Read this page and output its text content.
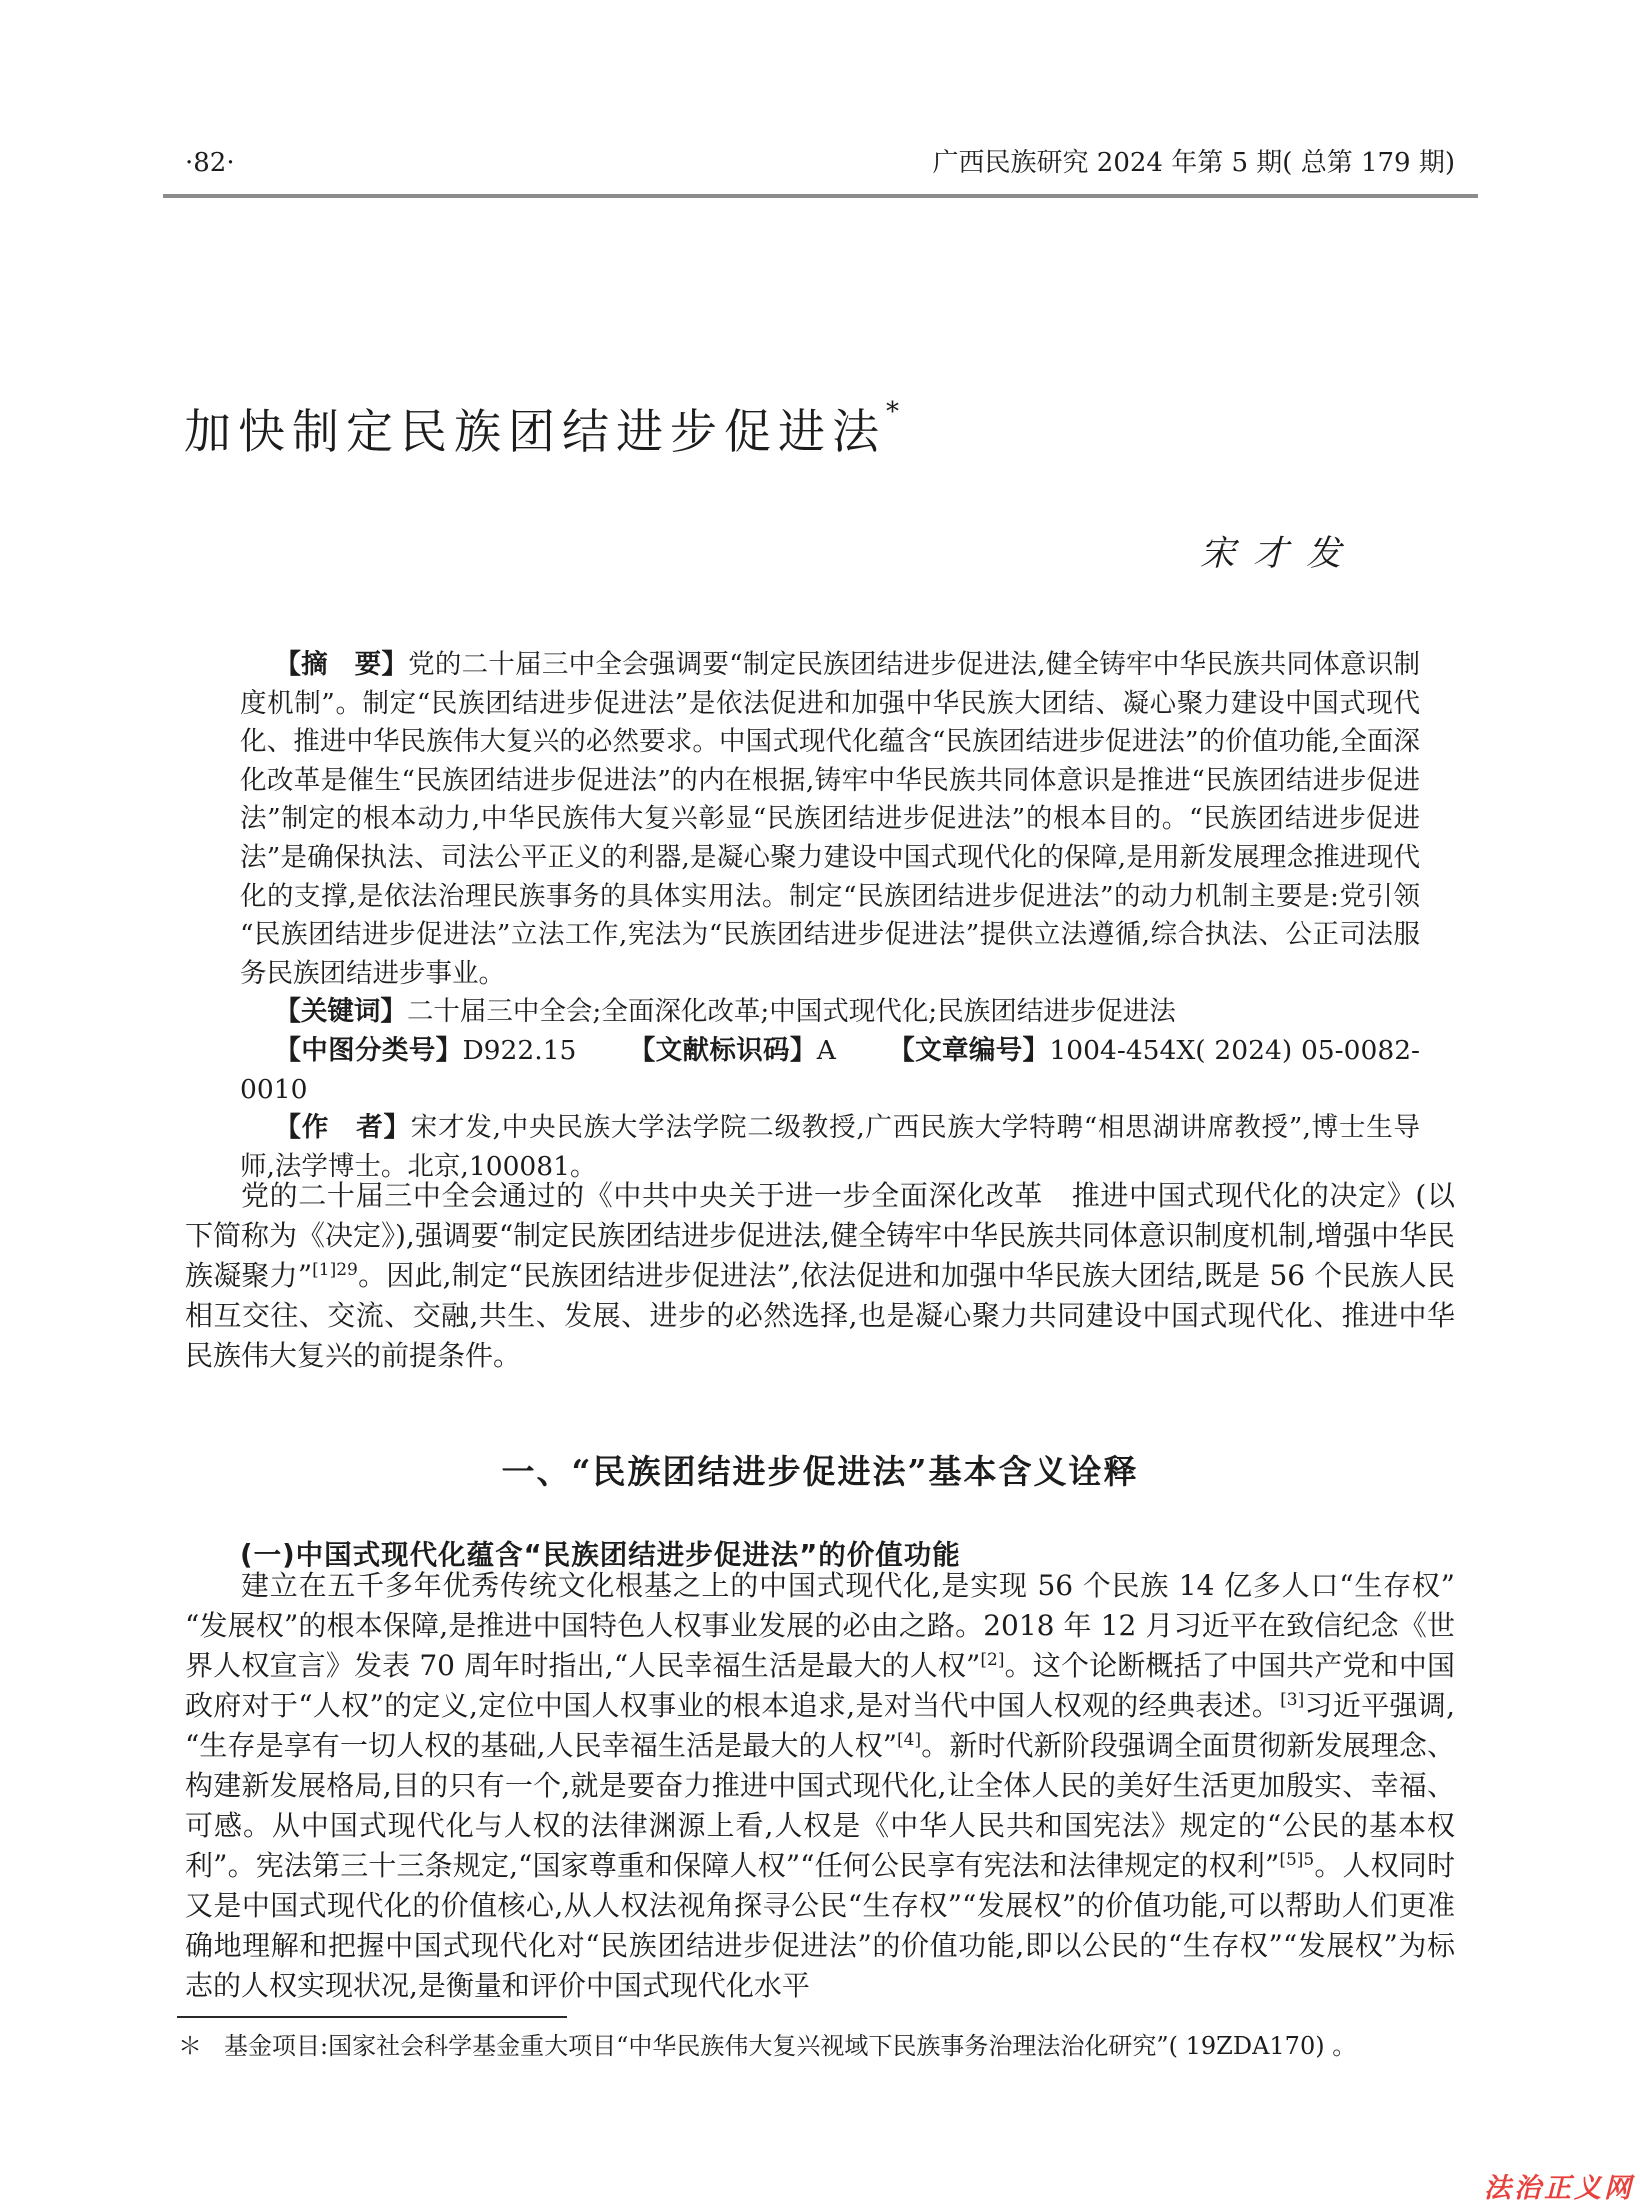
·82·	广西民族研究 2024 年第 5 期( 总第 179 期)
加快制定民族团结进步促进法*
宋才发

【摘　要】党的二十届三中全会强调要“制定民族团结进步促进法,健全铸牢中华民族共同体意识制度机制”。制定“民族团结进步促进法”是依法促进和加强中华民族大团结、凝心聚力建设中国式现代化、推进中华民族伟大复兴的必然要求。中国式现代化蕴含“民族团结进步促进法”的价值功能,全面深化改革是催生“民族团结进步促进法”的内在根据,铸牢中华民族共同体意识是推进“民族团结进步促进法”制定的根本动力,中华民族伟大复兴彰显“民族团结进步促进法”的根本目的。“民族团结进步促进法”是确保执法、司法公平正义的利器,是凝心聚力建设中国式现代化的保障,是用新发展理念推进现代化的支撑,是依法治理民族事务的具体实用法。制定“民族团结进步促进法”的动力机制主要是:党引领“民族团结进步促进法”立法工作,宪法为“民族团结进步促进法”提供立法遵循,综合执法、公正司法服务民族团结进步事业。

【关键词】二十届三中全会;全面深化改革;中国式现代化;民族团结进步促进法

【中图分类号】D922.15 【文献标识码】A 【文章编号】1004-454X( 2024) 05-0082-0010

【作　者】宋才发,中央民族大学法学院二级教授,广西民族大学特聘“相思湖讲席教授”,博士生导师,法学博士。北京,100081。

党的二十届三中全会通过的《中共中央关于进一步全面深化改革　推进中国式现代化的决定》(以下简称为《决定》),强调要“制定民族团结进步促进法,健全铸牢中华民族共同体意识制度机制,增强中华民族凝聚力”$^{[1]29}$。因此,制定“民族团结进步促进法”,依法促进和加强中华民族大团结,既是 56 个民族人民相互交往、交流、交融,共生、发展、进步的必然选择,也是凝心聚力共同建设中国式现代化、推进中华民族伟大复兴的前提条件。

一、“民族团结进步促进法”基本含义诠释
(一)中国式现代化蕴含“民族团结进步促进法”的价值功能

建立在五千多年优秀传统文化根基之上的中国式现代化,是实现 56 个民族 14 亿多人口“生存权”“发展权”的根本保障,是推进中国特色人权事业发展的必由之路。2018 年 12 月习近平在致信纪念《世界人权宣言》发表 70 周年时指出,“人民幸福生活是最大的人权”[2]。这个论断概括了中国共产党和中国政府对于“人权”的定义,定位中国人权事业的根本追求,是对当代中国人权观的经典表述。[3]习近平强调,“生存是享有一切人权的基础,人民幸福生活是最大的人权”[4]。新时代新阶段强调全面贯彻新发展理念、构建新发展格局,目的只有一个,就是要奋力推进中国式现代化,让全体人民的美好生活更加殷实、幸福、可感。从中国式现代化与人权的法律渊源上看,人权是《中华人民共和国宪法》规定的“公民的基本权利”。宪法第三十三条规定,“国家尊重和保障人权”“任何公民享有宪法和法律规定的权利”$^{[5]5}$。人权同时又是中国式现代化的价值核心,从人权法视角探寻公民“生存权”“发展权”的价值功能,可以帮助人们更准确地理解和把握中国式现代化对“民族团结进步促进法”的价值功能,即以公民的“生存权”“发展权”为标志的人权实现状况,是衡量和评价中国式现代化水平

＊ 基金项目:国家社会科学基金重大项目“中华民族伟大复兴视域下民族事务治理法治化研究”( 19ZDA170) 。

法治正义网
